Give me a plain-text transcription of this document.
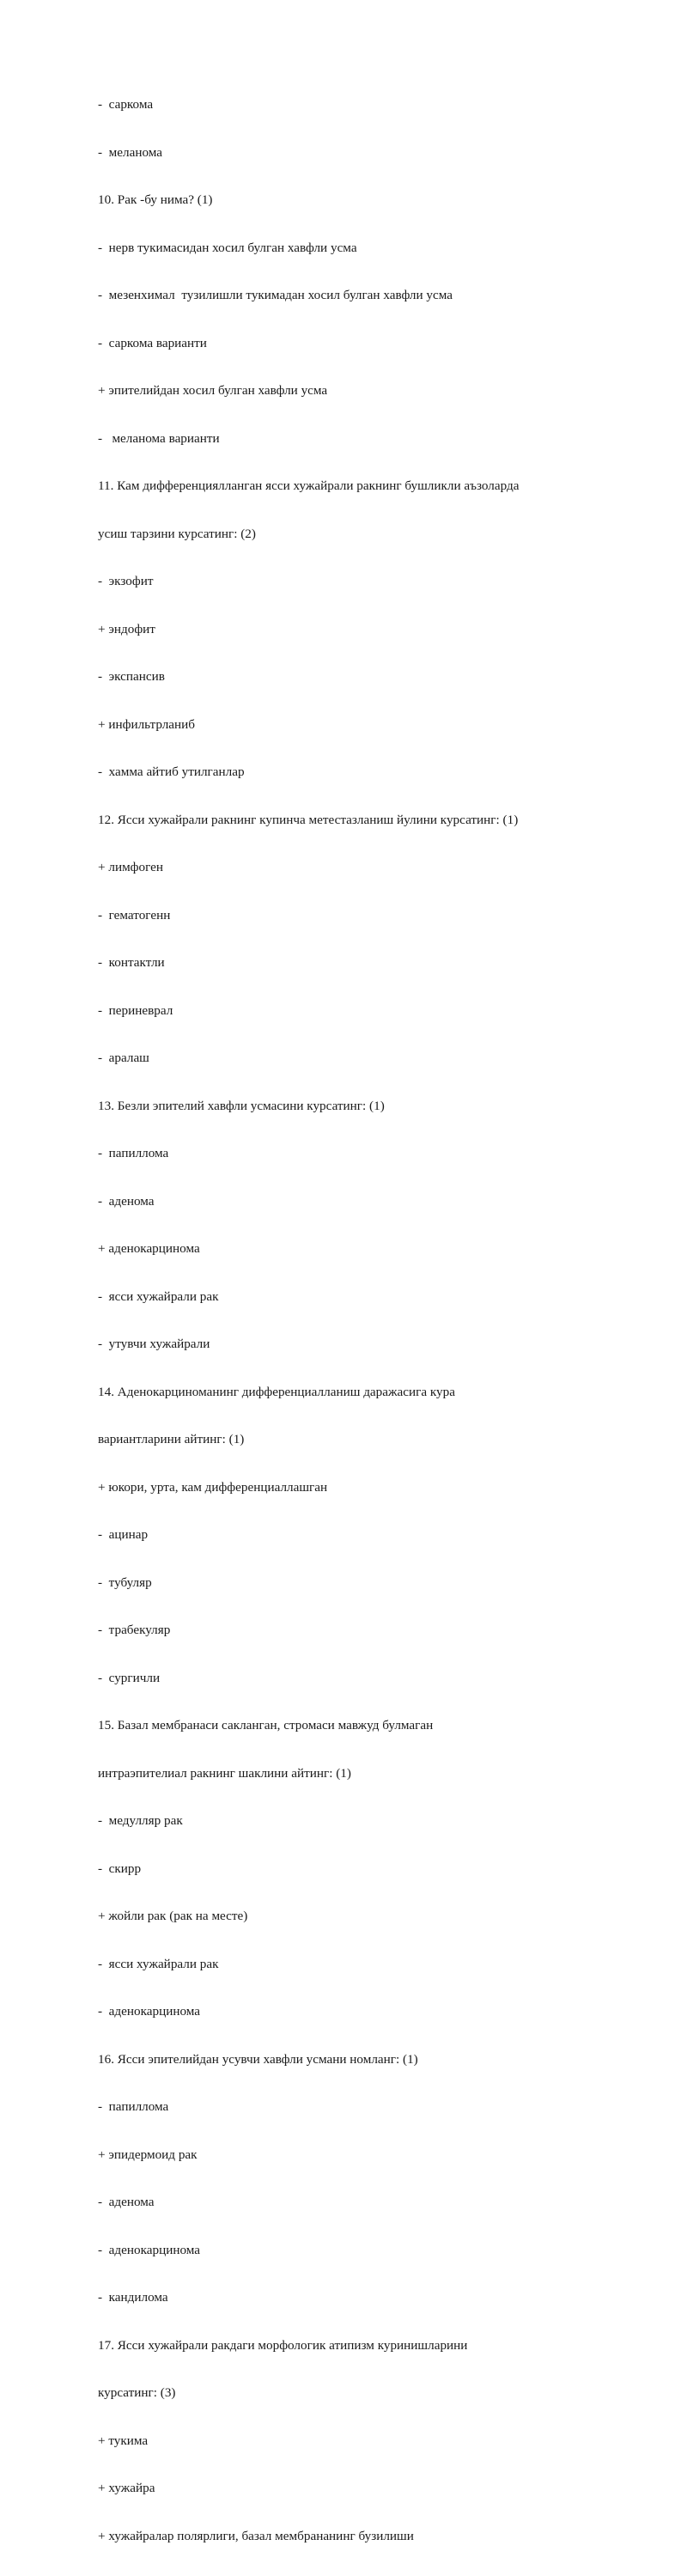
-  саркома

-  меланома

10. Рак -бу нима? (1)

-  нерв тукимасидан хосил булган хавфли усма

-  мезенхимал  тузилишли тукимадан хосил булган хавфли усма

-  саркома варианти

+ эпителийдан хосил булган хавфли усма

-   меланома варианти

11. Кам дифференциялланган ясси хужайрали ракнинг бушликли аъзоларда

усиш тарзини курсатинг: (2)

-  экзофит

+ эндофит

-  экспансив

+ инфильтрланиб

-  хамма айтиб утилганлар

12. Ясси хужайрали ракнинг купинча метестазланиш йулини курсатинг: (1)

+ лимфоген

-  гематогенн

-  контактли

-  периневрал

-  аралаш

13. Безли эпителий хавфли усмасини курсатинг: (1)

-  папиллома

-  аденома

+ аденокарцинома

-  ясси хужайрали рак

-  утувчи хужайрали

14. Аденокарциноманинг дифференциалланиш даражасига кура

вариантларини айтинг: (1)

+ юкори, урта, кам дифференциаллашган

-  ацинар

-  тубуляр

-  трабекуляр

-  сургичли

15. Базал мембранаси сакланган, стромаси мавжуд булмаган

интраэпителиал ракнинг шаклини айтинг: (1)

-  медулляр рак

-  скирр

+ жойли рак (рак на месте)

-  ясси хужайрали рак

-  аденокарцинома

16. Ясси эпителийдан усувчи хавфли усмани номланг: (1)

-  папиллома

+ эпидермоид рак

-  аденома

-  аденокарцинома

-  кандилома

17. Ясси хужайрали ракдаги морфологик атипизм куринишларини

курсатинг: (3)

+ тукима

+ хужайра

+ хужайралар полярлиги, базал мембрананинг бузилиши
